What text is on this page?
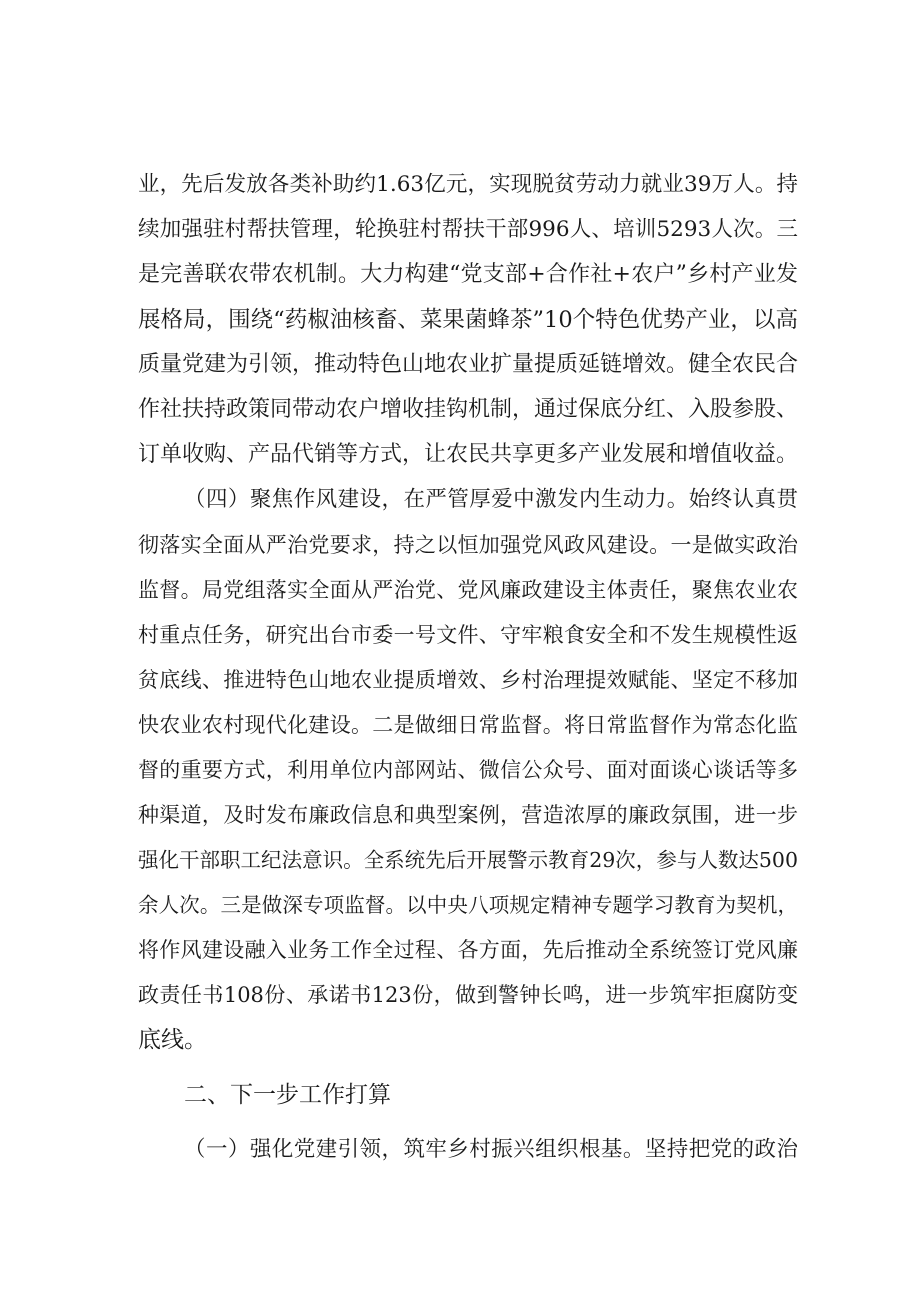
业，先后发放各类补助约1.63亿元，实现脱贫劳动力就业39万人。持
续加强驻村帮扶管理，轮换驻村帮扶干部996人、培训5293人次。三
是完善联农带农机制。大力构建“党支部+合作社+农户”乡村产业发
展格局，围绕“药椒油核畜、菜果菌蜂茶”10个特色优势产业，以高
质量党建为引领，推动特色山地农业扩量提质延链增效。健全农民合
作社扶持政策同带动农户增收挂钩机制，通过保底分红、入股参股、
订单收购、产品代销等方式，让农民共享更多产业发展和增值收益。
（四）聚焦作风建设，在严管厚爱中激发内生动力。始终认真贯
彻落实全面从严治党要求，持之以恒加强党风政风建设。一是做实政治
监督。局党组落实全面从严治党、党风廉政建设主体责任，聚焦农业农
村重点任务，研究出台市委一号文件、守牢粮食安全和不发生规模性返
贫底线、推进特色山地农业提质增效、乡村治理提效赋能、坚定不移加
快农业农村现代化建设。二是做细日常监督。将日常监督作为常态化监
督的重要方式，利用单位内部网站、微信公众号、面对面谈心谈话等多
种渠道，及时发布廉政信息和典型案例，营造浓厚的廉政氛围，进一步
强化干部职工纪法意识。全系统先后开展警示教育29次，参与人数达500
余人次。三是做深专项监督。以中央八项规定精神专题学习教育为契机，
将作风建设融入业务工作全过程、各方面，先后推动全系统签订党风廉
政责任书108份、承诺书123份，做到警钟长鸣，进一步筑牢拒腐防变
底线。
二、下一步工作打算
（一）强化党建引领，筑牢乡村振兴组织根基。坚持把党的政治
